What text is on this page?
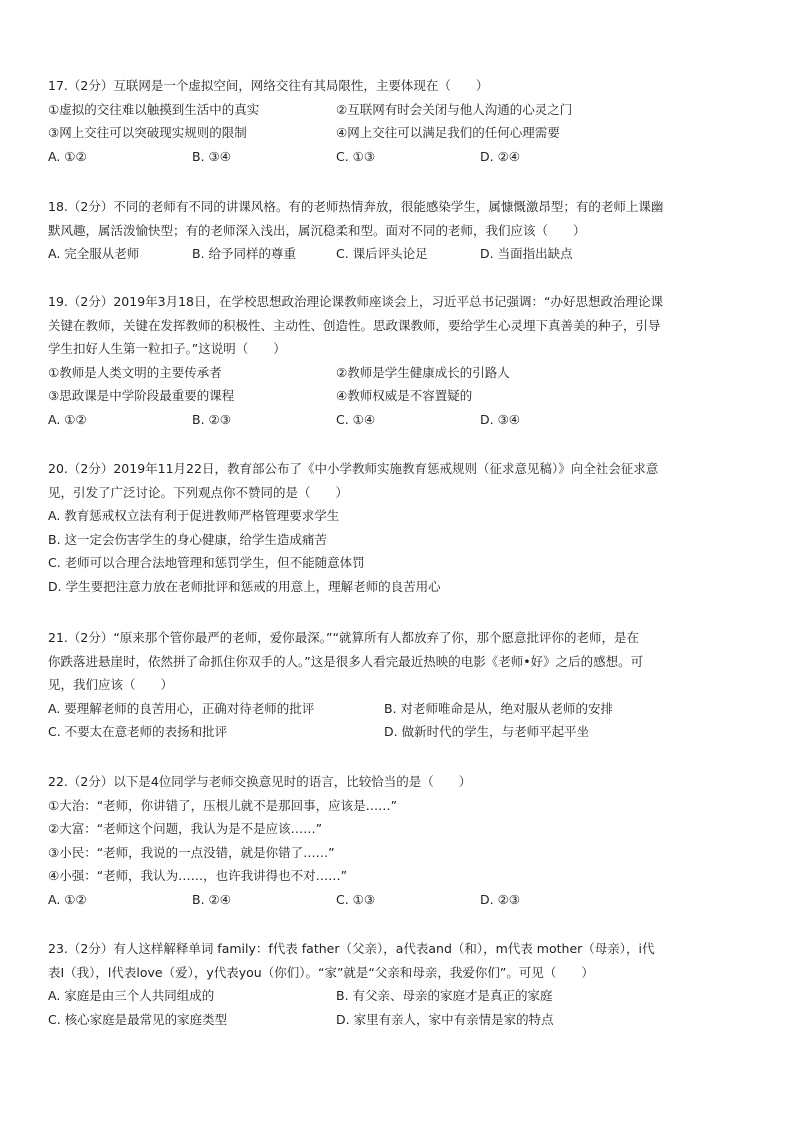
17.（2分）互联网是一个虚拟空间，网络交往有其局限性，主要体现在（　　）
①虚拟的交往难以触摸到生活中的真实	②互联网有时会关闭与他人沟通的心灵之门
③网上交往可以突破现实规则的限制	④网上交往可以满足我们的任何心理需要
A. ①②	B. ③④	C. ①③	D. ②④
18.（2分）不同的老师有不同的讲课风格。有的老师热情奔放，很能感染学生，属慷慨激昂型；有的老师上课幽
默风趣，属活泼愉快型；有的老师深入浅出，属沉稳柔和型。面对不同的老师，我们应该（　　）
A. 完全服从老师	B. 给予同样的尊重	C. 课后评头论足	D. 当面指出缺点
19.（2分）2019年3月18日，在学校思想政治理论课教师座谈会上，习近平总书记强调：“办好思想政治理论课
关键在教师，关键在发挥教师的积极性、主动性、创造性。思政课教师，要给学生心灵埋下真善美的种子，引导
学生扣好人生第一粒扣子。”这说明（　　）
①教师是人类文明的主要传承者	②教师是学生健康成长的引路人
③思政课是中学阶段最重要的课程	④教师权威是不容置疑的
A. ①②	B. ②③	C. ①④	D. ③④
20.（2分）2019年11月22日，教育部公布了《中小学教师实施教育惩戒规则（征求意见稿）》向全社会征求意
见，引发了广泛讨论。下列观点你不赞同的是（　　）
A. 教育惩戒权立法有利于促进教师严格管理要求学生
B. 这一定会伤害学生的身心健康，给学生造成痛苦
C. 老师可以合理合法地管理和惩罚学生，但不能随意体罚
D. 学生要把注意力放在老师批评和惩戒的用意上，理解老师的良苦用心
21.（2分）“原来那个管你最严的老师，爱你最深。”“就算所有人都放弃了你，那个愿意批评你的老师，是在
你跌落进悬崖时，依然拼了命抓住你双手的人。”这是很多人看完最近热映的电影《老师•好》之后的感想。可
见，我们应该（　　）
A. 要理解老师的良苦用心，正确对待老师的批评	B. 对老师唯命是从，绝对服从老师的安排
C. 不要太在意老师的表扬和批评	D. 做新时代的学生，与老师平起平坐
22.（2分）以下是4位同学与老师交换意见时的语言，比较恰当的是（　　）
①大治：“老师，你讲错了，压根儿就不是那回事，应该是……”
②大富：“老师这个问题，我认为是不是应该……”
③小民：“老师，我说的一点没错，就是你错了……”
④小强：“老师，我认为……，也许我讲得也不对……”
A. ①②	B. ②④	C. ①③	D. ②③
23.（2分）有人这样解释单词 family：f代表 father（父亲），a代表and（和），m代表 mother（母亲），i代
表I（我），l代表love（爱），y代表you（你们）。“家”就是“父亲和母亲，我爱你们”。可见（　　）
A. 家庭是由三个人共同组成的	B. 有父亲、母亲的家庭才是真正的家庭
C. 核心家庭是最常见的家庭类型	D. 家里有亲人，家中有亲情是家的特点
